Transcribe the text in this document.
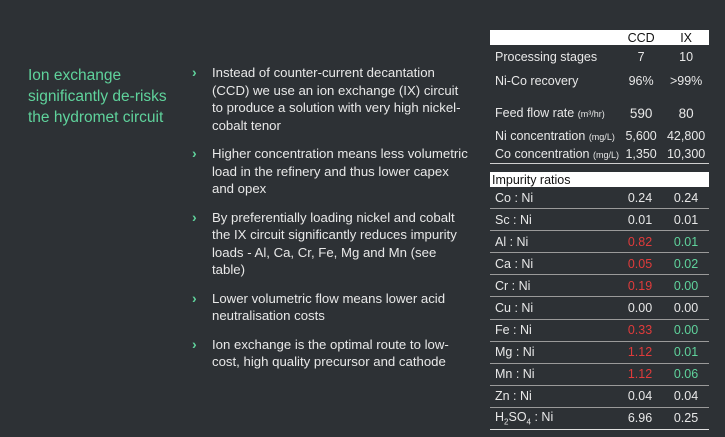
Ion exchange
significantly de-risks
the hydromet circuit
› Instead of counter-current decantation (CCD) we use an ion exchange (IX) circuit to produce a solution with very high nickel-cobalt tenor
› Higher concentration means less volumetric load in the refinery and thus lower capex and opex
› By preferentially loading nickel and cobalt the IX circuit significantly reduces impurity loads - Al, Ca, Cr, Fe, Mg and Mn (see table)
› Lower volumetric flow means lower acid neutralisation costs
› Ion exchange is the optimal route to low-cost, high quality precursor and cathode
	CCD	IX
Processing stages	7	10
Ni-Co recovery	96%	>99%
Feed flow rate (m³/hr)	590	80
Ni concentration (mg/L)	5,600	42,800
Co concentration (mg/L)	1,350	10,300
Impurity ratios		
Co : Ni	0.24	0.24
Sc : Ni	0.01	0.01
Al : Ni	0.82	0.01
Ca : Ni	0.05	0.02
Cr : Ni	0.19	0.00
Cu : Ni	0.00	0.00
Fe : Ni	0.33	0.00
Mg : Ni	1.12	0.01
Mn : Ni	1.12	0.06
Zn : Ni	0.04	0.04
$H_2SO_4$ : Ni	6.96	0.25
